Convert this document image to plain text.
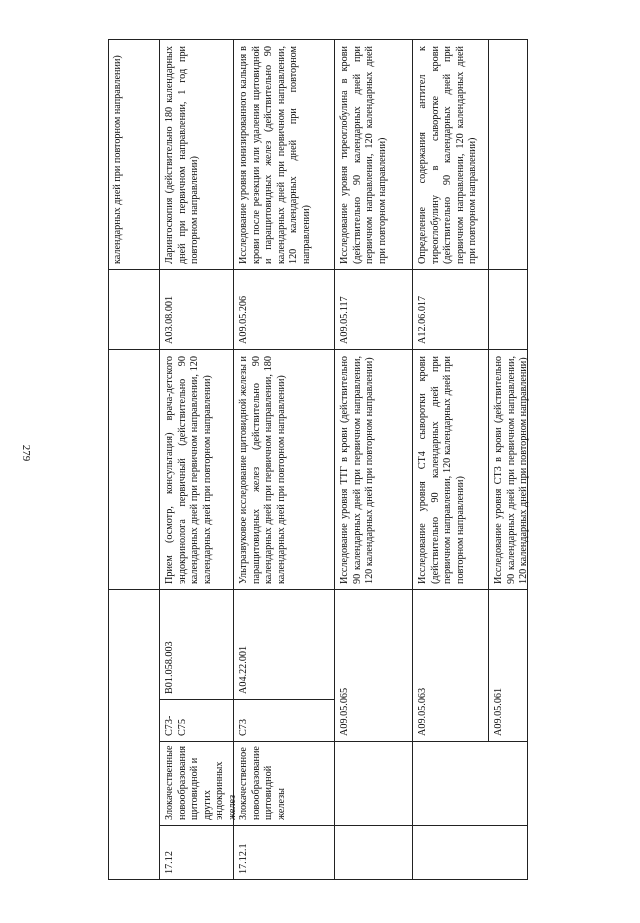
279
календарных дней при повторном направлении)
17.12
Злокачественные новообразования щитовидной и других эндокринных желез
C73-C75
B01.058.003
Прием (осмотр, консультация) врача-детского эндокринолога первичный (действительно 90 календарных дней при первичном направлении, 120 календарных дней при повторном направлении)
A03.08.001
Ларингоскопия (действительно 180 календарных дней при первичном направлении, 1 год при повторном направлении)
17.12.1
Злокачественное новообразование щитовидной железы
C73
A04.22.001
Ультразвуковое исследование щитовидной железы и паращитовидных желез (действительно 90 календарных дней при первичном направлении, 180 календарных дней при повторном направлении)
A09.05.206
Исследование уровня ионизированного кальция в крови после резекции или удаления щитовидной и паращитовидных желез (действительно 90 календарных дней при первичном направлении, 120 календарных дней при повторном направлении)
A09.05.065
Исследование уровня ТТГ в крови (действительно 90 календарных дней при первичном направлении, 120 календарных дней при повторном направлении)
A09.05.117
Исследование уровня тиреоглобулина в крови (действительно 90 календарных дней при первичном направлении, 120 календарных дней при повторном направлении)
A09.05.063
Исследование уровня СТ4 сыворотки крови (действительно 90 календарных дней при первичном направлении, 120 календарных дней при повторном направлении)
A12.06.017
Определение содержания антител к тиреоглобулину в сыворотке крови (действительно 90 календарных дней при первичном направлении, 120 календарных дней при повторном направлении)
A09.05.061
Исследование уровня СТ3 в крови (действительно 90 календарных дней при первичном направлении, 120 календарных дней при повторном направлении)
